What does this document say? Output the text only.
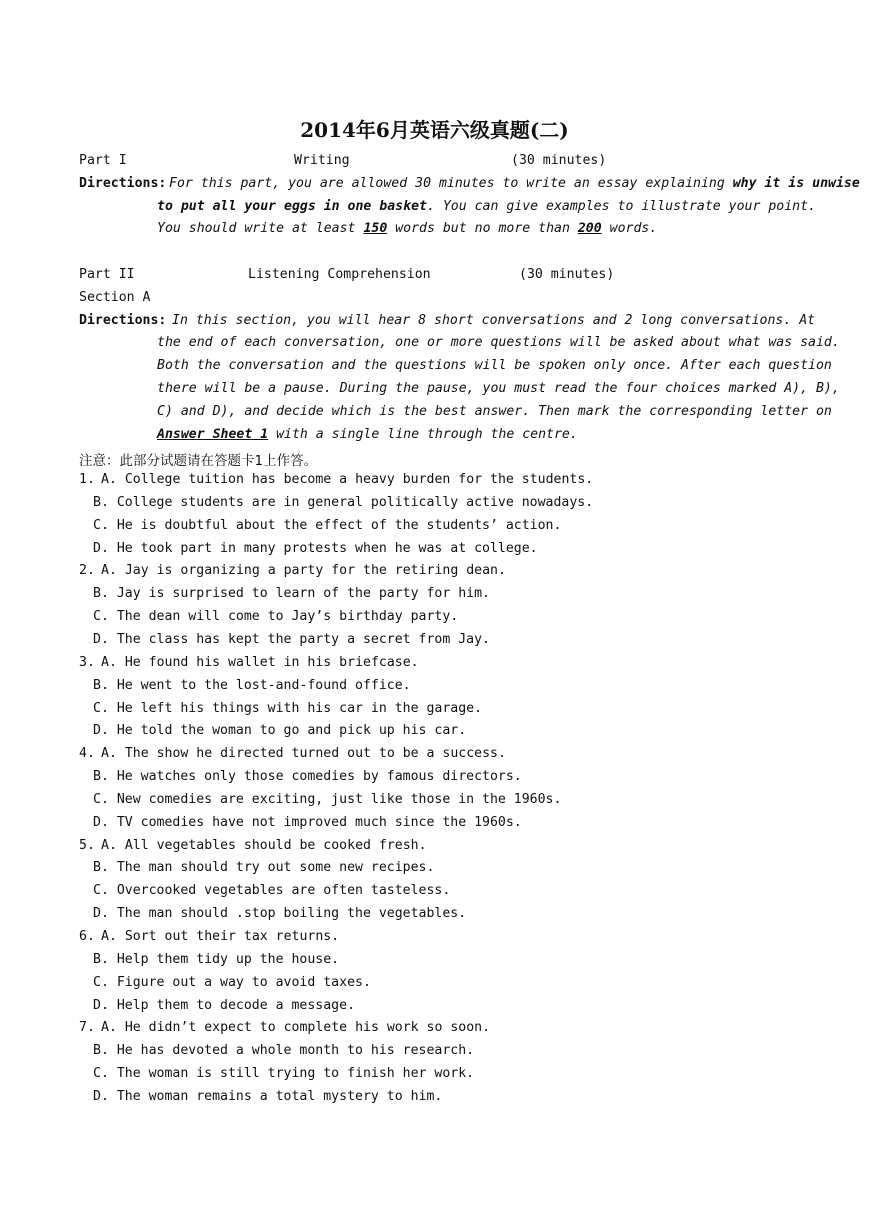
2014年6月英语六级真题(二)
Part I	Writing	(30 minutes)
Directions: For this part, you are allowed 30 minutes to write an essay explaining why it is unwise
to put all your eggs in one basket. You can give examples to illustrate your point.
You should write at least 150 words but no more than 200 words.
Part II	Listening Comprehension	(30 minutes)
Section A
Directions: In this section, you will hear 8 short conversations and 2 long conversations. At
the end of each conversation, one or more questions will be asked about what was said.
Both the conversation and the questions will be spoken only once. After each question
there will be a pause. During the pause, you must read the four choices marked A), B),
C) and D), and decide which is the best answer. Then mark the corresponding letter on
Answer Sheet 1 with a single line through the centre.
注意：此部分试题请在答题卡1上作答。
1. A. College tuition has become a heavy burden for the students.
B. College students are in general politically active nowadays.
C. He is doubtful about the effect of the students’ action.
D. He took part in many protests when he was at college.
2. A. Jay is organizing a party for the retiring dean.
B. Jay is surprised to learn of the party for him.
C. The dean will come to Jay’s birthday party.
D. The class has kept the party a secret from Jay.
3. A. He found his wallet in his briefcase.
B. He went to the lost-and-found office.
C. He left his things with his car in the garage.
D. He told the woman to go and pick up his car.
4. A. The show he directed turned out to be a success.
B. He watches only those comedies by famous directors.
C. New comedies are exciting, just like those in the 1960s.
D. TV comedies have not improved much since the 1960s.
5. A. All vegetables should be cooked fresh.
B. The man should try out some new recipes.
C. Overcooked vegetables are often tasteless.
D. The man should .stop boiling the vegetables.
6. A. Sort out their tax returns.
B. Help them tidy up the house.
C. Figure out a way to avoid taxes.
D. Help them to decode a message.
7. A. He didn’t expect to complete his work so soon.
B. He has devoted a whole month to his research.
C. The woman is still trying to finish her work.
D. The woman remains a total mystery to him.
